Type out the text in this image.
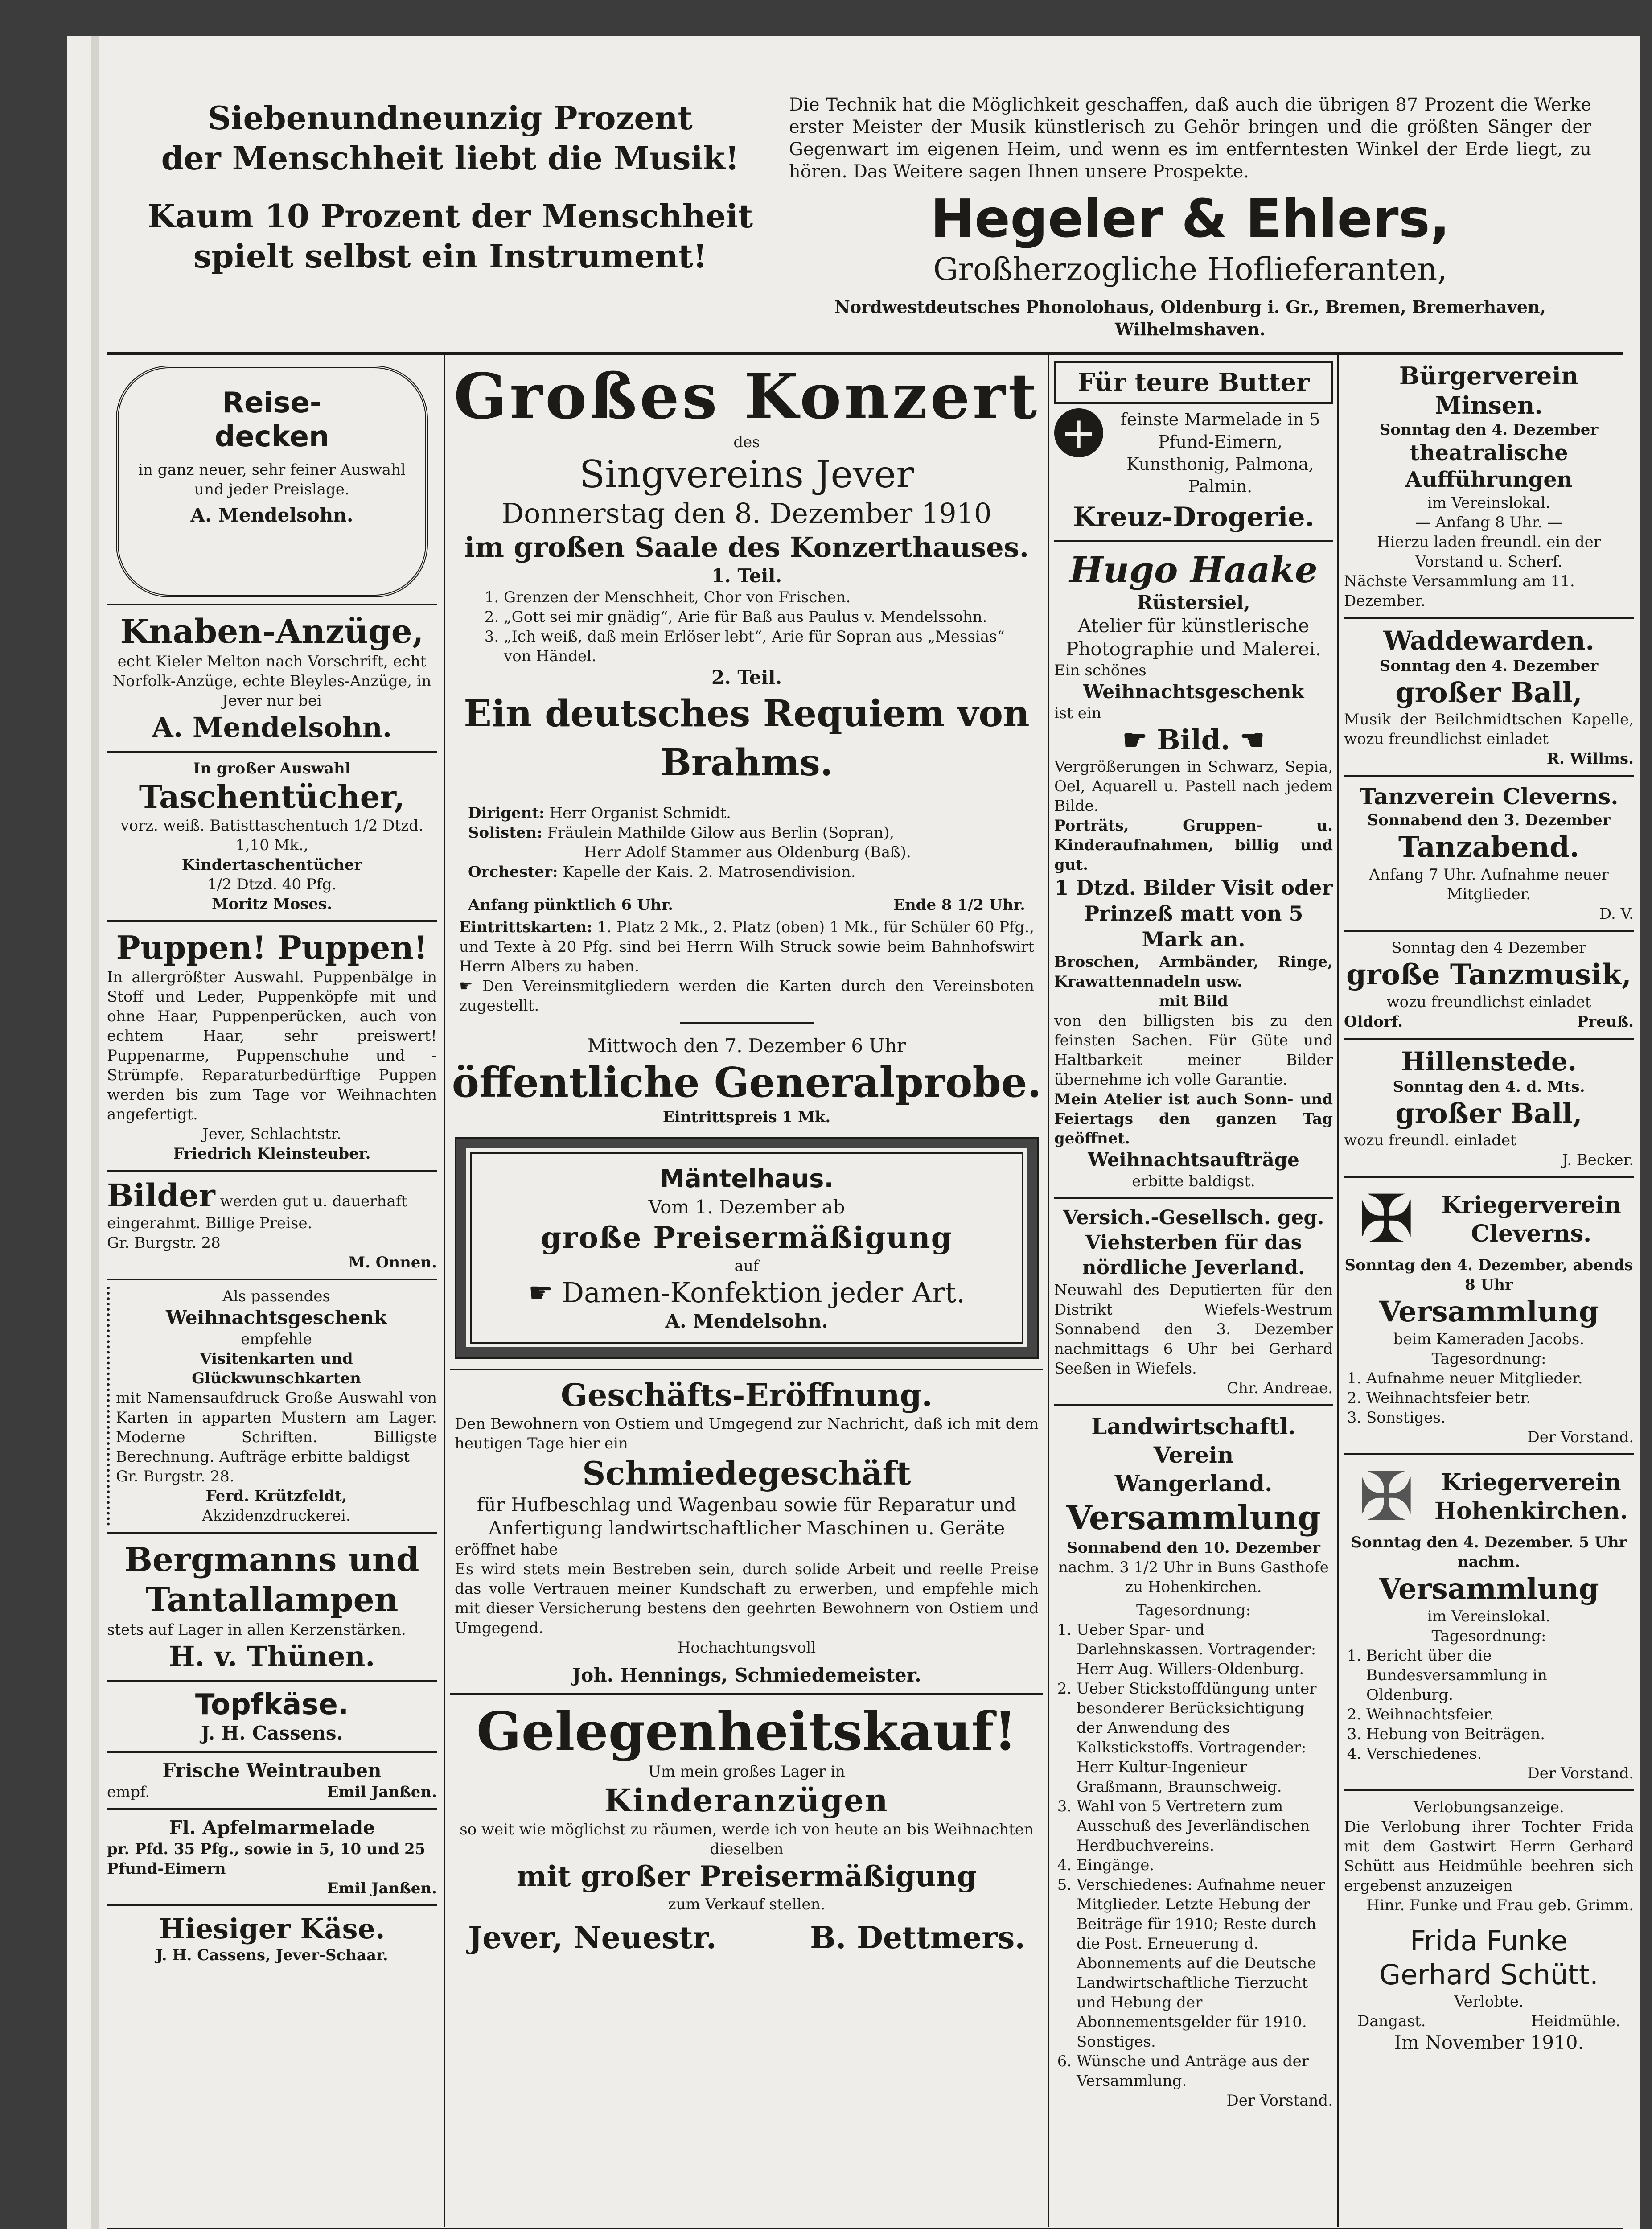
Siebenundneunzig Prozent
der Menschheit liebt die Musik!
Kaum 10 Prozent der Menschheit
spielt selbst ein Instrument!
Die Technik hat die Möglichkeit geschaffen, daß auch die übrigen 87 Prozent die Werke erster Meister der Musik künstlerisch zu Gehör bringen und die größten Sänger der Gegenwart im eigenen Heim, und wenn es im entferntesten Winkel der Erde liegt, zu hören. Das Weitere sagen Ihnen unsere Prospekte.
Hegeler & Ehlers,
Großherzogliche Hoflieferanten,
Nordwestdeutsches Phonolohaus, Oldenburg i. Gr., Bremen, Bremerhaven, Wilhelmshaven.
Reise-
decken
in ganz neuer, sehr feiner Auswahl und jeder Preislage.
A. Mendelsohn.
Knaben-Anzüge,
echt Kieler Melton nach Vorschrift, echt Norfolk-Anzüge, echte Bleyles-Anzüge, in Jever nur bei
A. Mendelsohn.
In großer Auswahl
Taschentücher,
vorz. weiß. Batisttaschentuch 1/2 Dtzd. 1,10 Mk.,
Kindertaschentücher
1/2 Dtzd. 40 Pfg.
Moritz Moses.
Puppen! Puppen!
In allergrößter Auswahl. Puppenbälge in Stoff und Leder, Puppenköpfe mit und ohne Haar, Puppenperücken, auch von echtem Haar, sehr preiswert! Puppenarme, Puppenschuhe und -Strümpfe. Reparaturbedürftige Puppen werden bis zum Tage vor Weihnachten angefertigt.
Jever, Schlachtstr.
Friedrich Kleinsteuber.
Bilder werden gut u. dauerhaft eingerahmt. Billige Preise.
Gr. Burgstr. 28
M. Onnen.
Als passendes
Weihnachtsgeschenk
empfehle
Visitenkarten und Glückwunschkarten
mit Namensaufdruck Große Auswahl von Karten in apparten Mustern am Lager. Moderne Schriften. Billigste Berechnung. Aufträge erbitte baldigst
Gr. Burgstr. 28.
Ferd. Krützfeldt,
Akzidenzdruckerei.
Bergmanns und
Tantallampen
stets auf Lager in allen Kerzenstärken.
H. v. Thünen.
Topfkäse.
J. H. Cassens.
Frische Weintrauben
empf.	Emil Janßen.
Fl. Apfelmarmelade
pr. Pfd. 35 Pfg., sowie in 5, 10 und 25 Pfund-Eimern
Emil Janßen.
Hiesiger Käse.
J. H. Cassens, Jever-Schaar.
Großes Konzert
des
Singvereins Jever
Donnerstag den 8. Dezember 1910
im großen Saale des Konzerthauses.
1. Teil.
1. Grenzen der Menschheit, Chor von Frischen.
2. „Gott sei mir gnädig“, Arie für Baß aus Paulus v. Mendelssohn.
3. „Ich weiß, daß mein Erlöser lebt“, Arie für Sopran aus „Messias“ von Händel.
2. Teil.
Ein deutsches Requiem von Brahms.
Dirigent: Herr Organist Schmidt.
Solisten: Fräulein Mathilde Gilow aus Berlin (Sopran),
Herr Adolf Stammer aus Oldenburg (Baß).
Orchester: Kapelle der Kais. 2. Matrosendivision.
Anfang pünktlich 6 Uhr.	Ende 8 1/2 Uhr.
Eintrittskarten: 1. Platz 2 Mk., 2. Platz (oben) 1 Mk., für Schüler 60 Pfg., und Texte à 20 Pfg. sind bei Herrn Wilh Struck sowie beim Bahnhofswirt Herrn Albers zu haben.
☛ Den Vereinsmitgliedern werden die Karten durch den Vereinsboten zugestellt.
Mittwoch den 7. Dezember 6 Uhr
öffentliche Generalprobe.
Eintrittspreis 1 Mk.
Mäntelhaus.
Vom 1. Dezember ab
große Preisermäßigung
auf
☛ Damen-Konfektion jeder Art.
A. Mendelsohn.
Geschäfts-Eröffnung.
Den Bewohnern von Ostiem und Umgegend zur Nachricht, daß ich mit dem heutigen Tage hier ein
Schmiedegeschäft
für Hufbeschlag und Wagenbau sowie für Reparatur und Anfertigung landwirtschaftlicher Maschinen u. Geräte
eröffnet habe
Es wird stets mein Bestreben sein, durch solide Arbeit und reelle Preise das volle Vertrauen meiner Kundschaft zu erwerben, und empfehle mich mit dieser Versicherung bestens den geehrten Bewohnern von Ostiem und Umgegend.
Hochachtungsvoll
Joh. Hennings, Schmiedemeister.
Gelegenheitskauf!
Um mein großes Lager in
Kinderanzügen
so weit wie möglichst zu räumen, werde ich von heute an bis Weihnachten dieselben
mit großer Preisermäßigung
zum Verkauf stellen.
Jever, Neuestr.	B. Dettmers.
Für teure Butter
+	feinste Marmelade in 5 Pfund-Eimern, Kunsthonig, Palmona, Palmin.
Kreuz-Drogerie.
Hugo Haake
Rüstersiel,
Atelier für künstlerische Photographie und Malerei.
Ein schönes
Weihnachtsgeschenk
ist ein
☛ Bild. ☚
Vergrößerungen in Schwarz, Sepia, Oel, Aquarell u. Pastell nach jedem Bilde.
Porträts, Gruppen- u. Kinderaufnahmen, billig und gut.
1 Dtzd. Bilder Visit oder Prinzeß matt von 5 Mark an.
Broschen, Armbänder, Ringe, Krawattennadeln usw.
mit Bild
von den billigsten bis zu den feinsten Sachen. Für Güte und Haltbarkeit meiner Bilder übernehme ich volle Garantie.
Mein Atelier ist auch Sonn- und Feiertags den ganzen Tag geöffnet.
Weihnachtsaufträge
erbitte baldigst.
Versich.-Gesellsch. geg. Viehsterben für das nördliche Jeverland.
Neuwahl des Deputierten für den Distrikt Wiefels-Westrum Sonnabend den 3. Dezember nachmittags 6 Uhr bei Gerhard Seeßen in Wiefels.
Chr. Andreae.
Landwirtschaftl. Verein
Wangerland.
Versammlung
Sonnabend den 10. Dezember
nachm. 3 1/2 Uhr in Buns Gasthofe zu Hohenkirchen.
Tagesordnung:
1. Ueber Spar- und Darlehnskassen. Vortragender: Herr Aug. Willers-Oldenburg.
2. Ueber Stickstoffdüngung unter besonderer Berücksichtigung der Anwendung des Kalkstickstoffs. Vortragender: Herr Kultur-Ingenieur Graßmann, Braunschweig.
3. Wahl von 5 Vertretern zum Ausschuß des Jeverländischen Herdbuchvereins.
4. Eingänge.
5. Verschiedenes: Aufnahme neuer Mitglieder. Letzte Hebung der Beiträge für 1910; Reste durch die Post. Erneuerung d. Abonnements auf die Deutsche Landwirtschaftliche Tierzucht und Hebung der Abonnementsgelder für 1910. Sonstiges.
6. Wünsche und Anträge aus der Versammlung.
Der Vorstand.
Bürgerverein Minsen.
Sonntag den 4. Dezember
theatralische Aufführungen
im Vereinslokal.
— Anfang 8 Uhr. —
Hierzu laden freundl. ein der Vorstand u. Scherf.
Nächste Versammlung am 11. Dezember.
Waddewarden.
Sonntag den 4. Dezember
großer Ball,
Musik der Beilchmidtschen Kapelle, wozu freundlichst einladet
R. Willms.
Tanzverein Cleverns.
Sonnabend den 3. Dezember
Tanzabend.
Anfang 7 Uhr. Aufnahme neuer Mitglieder.
D. V.
Sonntag den 4 Dezember
große Tanzmusik,
wozu freundlichst einladet
Oldorf.	Preuß.
Hillenstede.
Sonntag den 4. d. Mts.
großer Ball,
wozu freundl. einladet
J. Becker.
✠	Kriegerverein
Cleverns.
Sonntag den 4. Dezember, abends 8 Uhr
Versammlung
beim Kameraden Jacobs.
Tagesordnung:
1. Aufnahme neuer Mitglieder.
2. Weihnachtsfeier betr.
3. Sonstiges.
Der Vorstand.
✠	Kriegerverein
Hohenkirchen.
Sonntag den 4. Dezember. 5 Uhr nachm.
Versammlung
im Vereinslokal.
Tagesordnung:
1. Bericht über die Bundesversammlung in Oldenburg.
2. Weihnachtsfeier.
3. Hebung von Beiträgen.
4. Verschiedenes.
Der Vorstand.
Verlobungsanzeige.
Die Verlobung ihrer Tochter Frida mit dem Gastwirt Herrn Gerhard Schütt aus Heidmühle beehren sich ergebenst anzuzeigen
Hinr. Funke und Frau geb. Grimm.
Frida Funke
Gerhard Schütt.
Verlobte.
Dangast.	Heidmühle.
Im November 1910.
